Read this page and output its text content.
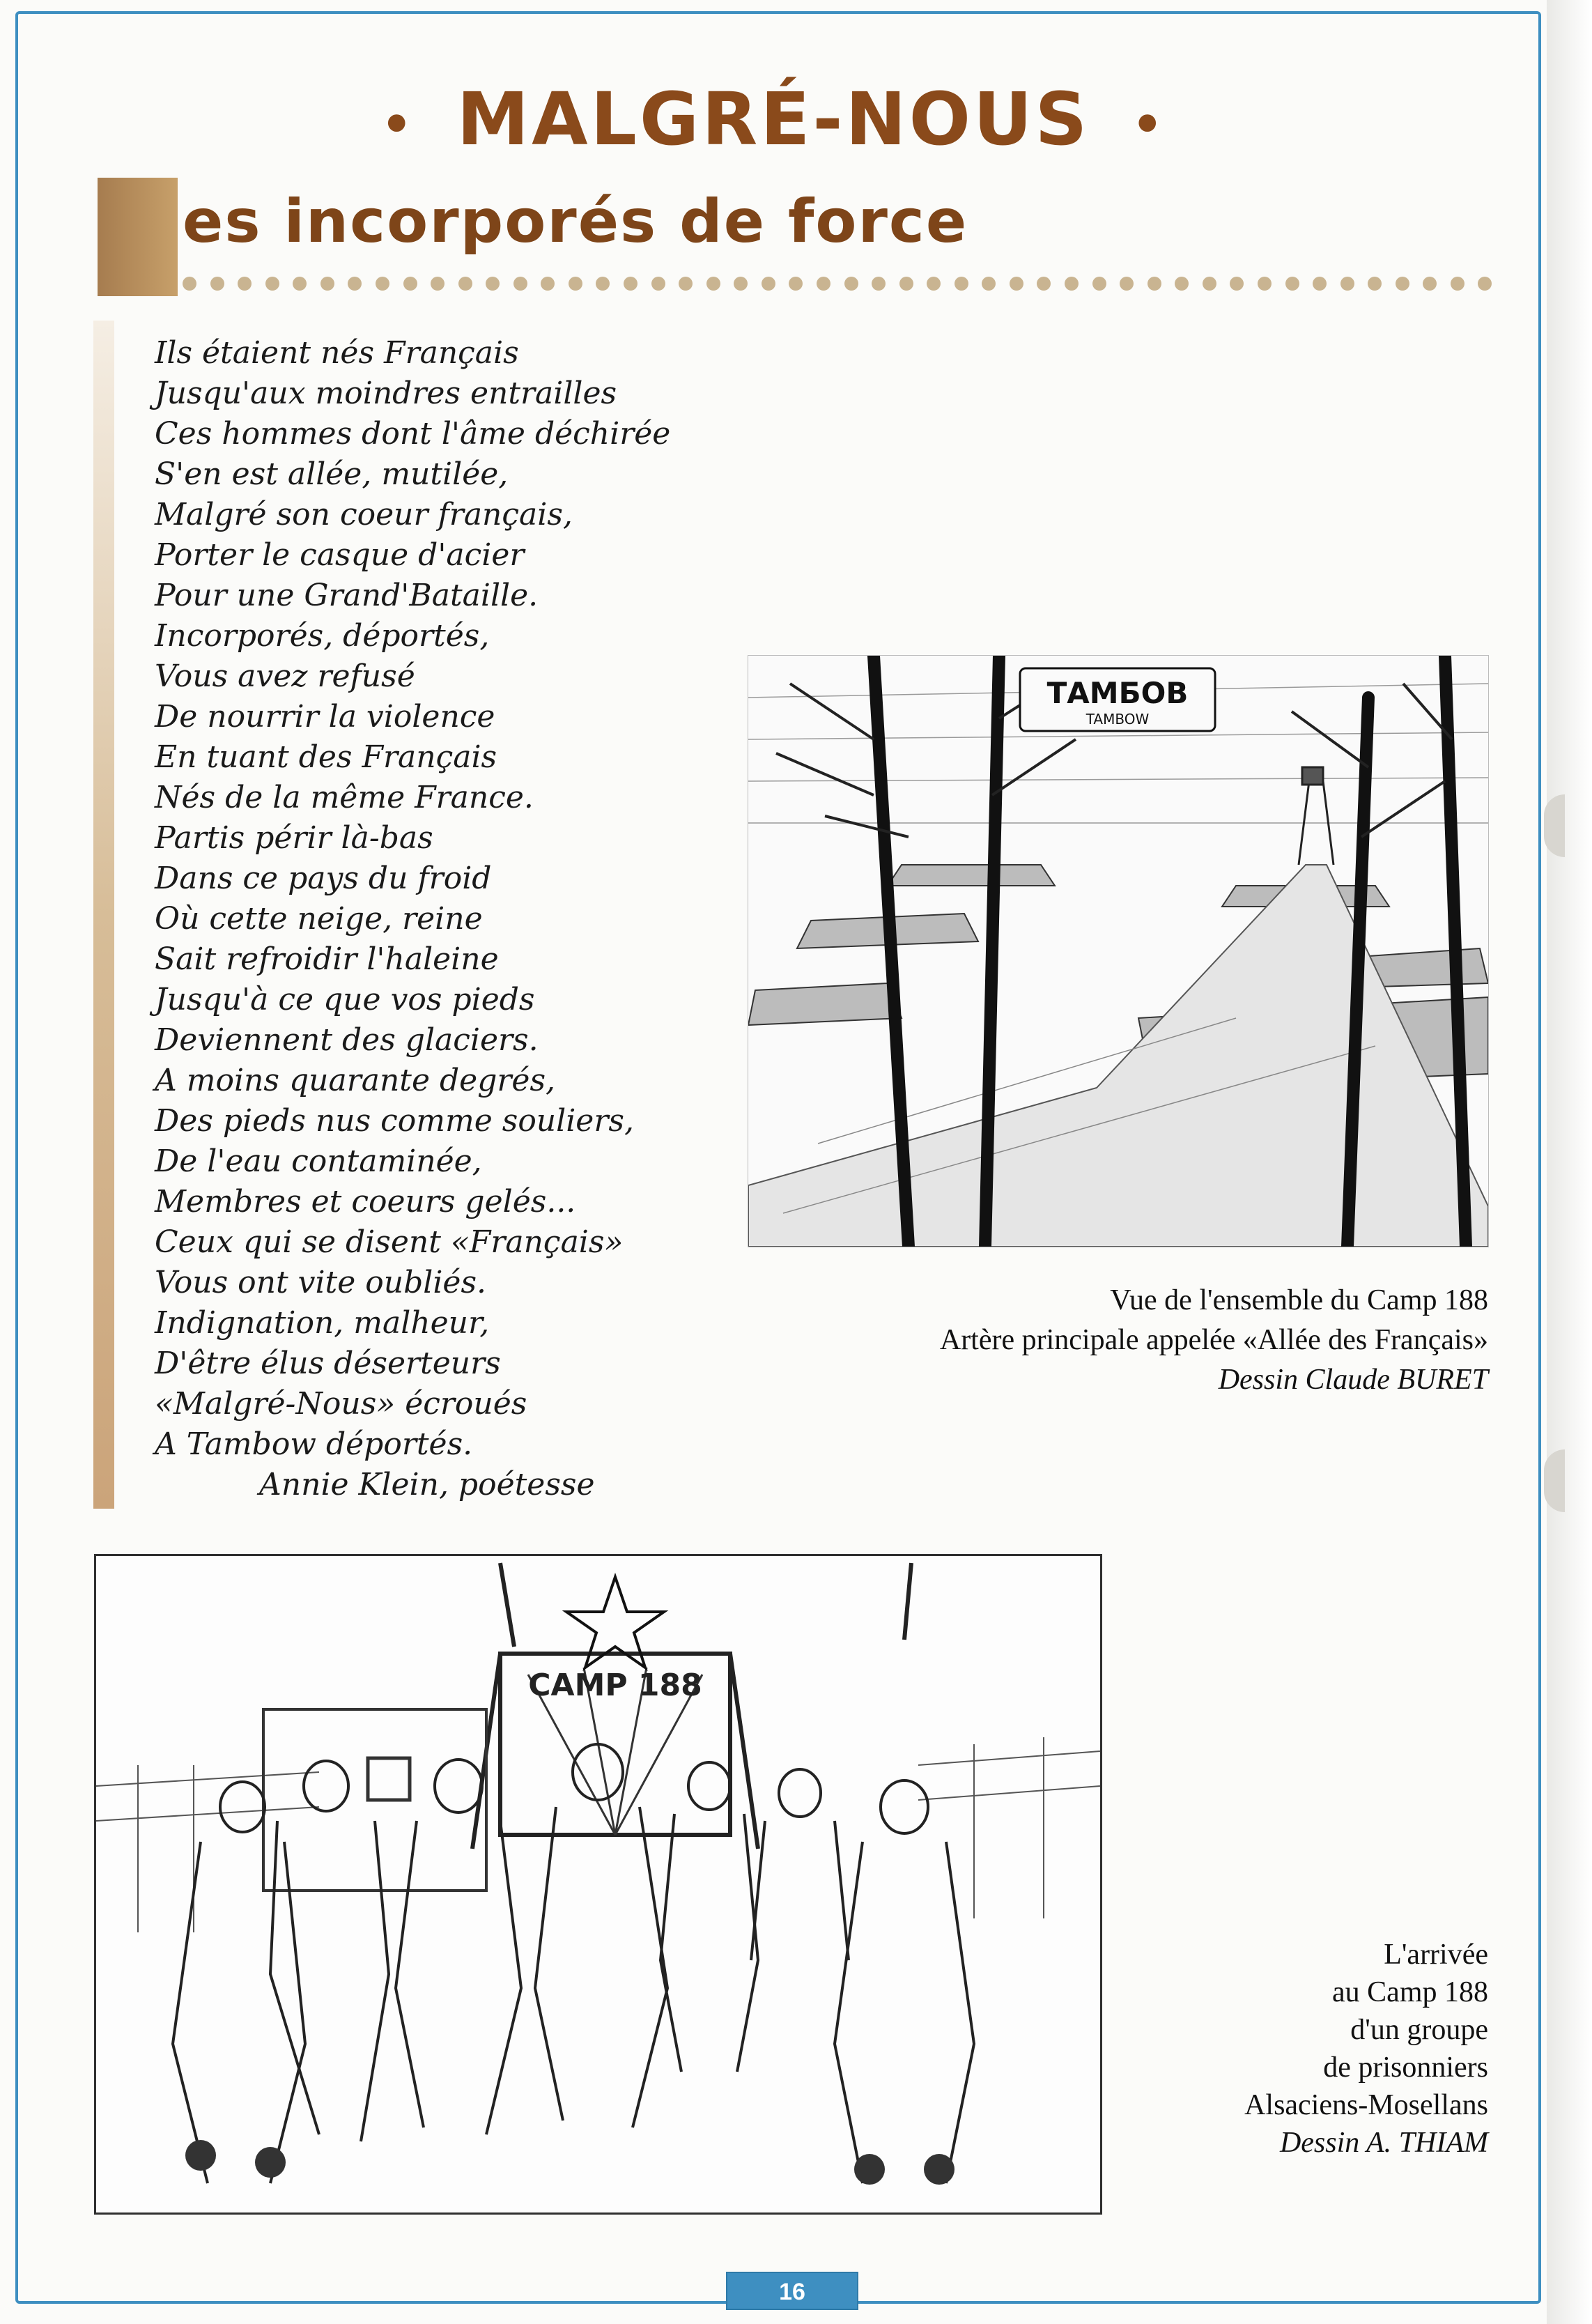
• MALGRÉ-NOUS •
es incorporés de force
Ils étaient nés Français
Jusqu'aux moindres entrailles
Ces hommes dont l'âme déchirée
S'en est allée, mutilée,
Malgré son coeur français,
Porter le casque d'acier
Pour une Grand'Bataille.
Incorporés, déportés,
Vous avez refusé
De nourrir la violence
En tuant des Français
Nés de la même France.
Partis périr là-bas
Dans ce pays du froid
Où cette neige, reine
Sait refroidir l'haleine
Jusqu'à ce que vos pieds
Deviennent des glaciers.
A moins quarante degrés,
Des pieds nus comme souliers,
De l'eau contaminée,
Membres et coeurs gelés...
Ceux qui se disent «Français»
Vous ont vite oubliés.
Indignation, malheur,
D'être élus déserteurs
«Malgré-Nous» écroués
A Tambow déportés.
Annie Klein, poétesse
ТАМБОВ
TAMBOW
Vue de l'ensemble du Camp 188
Artère principale appelée «Allée des Français»
Dessin Claude BURET
CAMP 188
L'arrivée
au Camp 188
d'un groupe
de prisonniers
Alsaciens-Mosellans
Dessin A. THIAM
16
